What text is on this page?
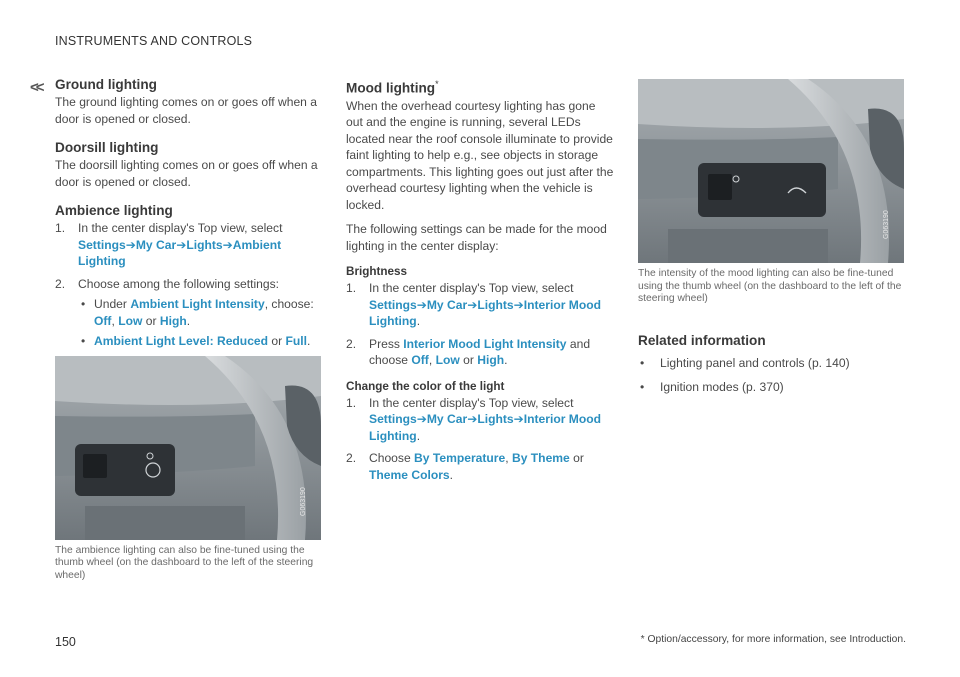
INSTRUMENTS AND CONTROLS
<< Ground lighting

The ground lighting comes on or goes off when a door is opened or closed.

Doorsill lighting

The doorsill lighting comes on or goes off when a door is opened or closed.

Ambience lighting
1. In the center display's Top view, select
Settings➔My Car➔Lights➔Ambient Lighting
2. Choose among the following settings:
• Under Ambient Light Intensity, choose: Off, Low or High.
• Ambient Light Level: Reduced or Full.
G063190
The ambience lighting can also be fine-tuned using the thumb wheel (on the dashboard to the left of the steering wheel)
Mood lighting*

When the overhead courtesy lighting has gone out and the engine is running, several LEDs located near the roof console illuminate to provide faint lighting to help e.g., see objects in storage compartments. This lighting goes out just after the overhead courtesy lighting when the vehicle is locked.

The following settings can be made for the mood lighting in the center display:

Brightness
1. In the center display's Top view, select
Settings➔My Car➔Lights➔Interior Mood Lighting.
2. Press Interior Mood Light Intensity and choose Off, Low or High.
Change the color of the light
1. In the center display's Top view, select
Settings➔My Car➔Lights➔Interior Mood Lighting.
2. Choose By Temperature, By Theme or Theme Colors.
G063190
The intensity of the mood lighting can also be fine-tuned using the thumb wheel (on the dashboard to the left of the steering wheel)
Related information
• Lighting panel and controls (p. 140)
• Ignition modes (p. 370)
150	* Option/accessory, for more information, see Introduction.
